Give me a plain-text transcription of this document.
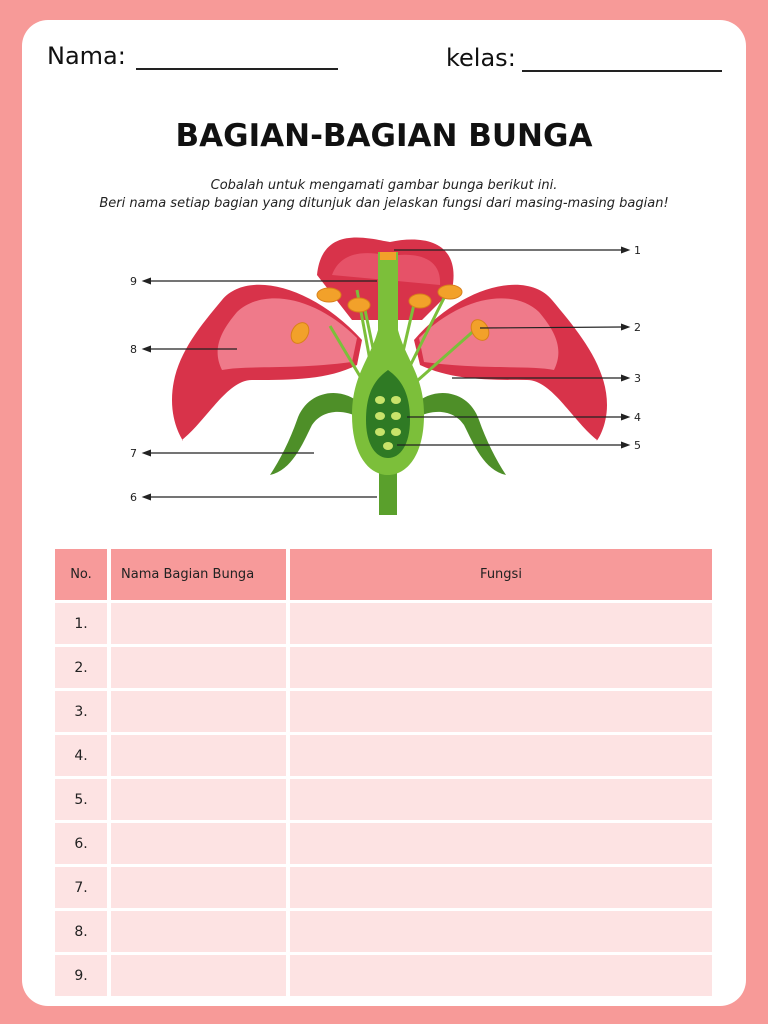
Nama:	kelas:
BAGIAN-BAGIAN BUNGA
Cobalah untuk mengamati gambar bunga berikut ini.
Beri nama setiap bagian yang ditunjuk dan jelaskan fungsi dari masing-masing bagian!
1
2
3
4
5
6
7
8
9
No.	Nama Bagian Bunga	Fungsi
1.		
2.		
3.		
4.		
5.		
6.		
7.		
8.		
9.		
